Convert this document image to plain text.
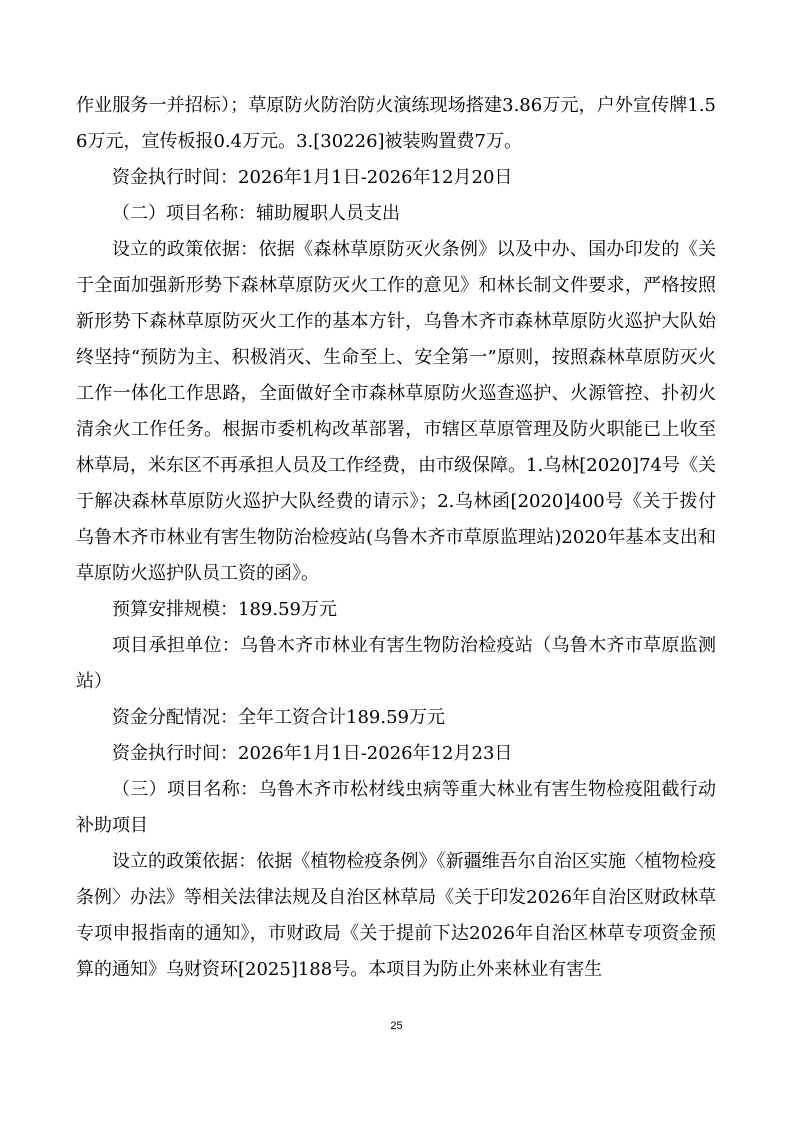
作业服务一并招标）；草原防火防治防火演练现场搭建3.86万元，户外宣传牌1.56万元，宣传板报0.4万元。3.[30226]被装购置费7万。

资金执行时间：2026年1月1日-2026年12月20日

（二）项目名称：辅助履职人员支出

设立的政策依据：依据《森林草原防灭火条例》以及中办、国办印发的《关于全面加强新形势下森林草原防灭火工作的意见》和林长制文件要求，严格按照新形势下森林草原防灭火工作的基本方针，乌鲁木齐市森林草原防火巡护大队始终坚持“预防为主、积极消灭、生命至上、安全第一”原则，按照森林草原防灭火工作一体化工作思路，全面做好全市森林草原防火巡查巡护、火源管控、扑初火清余火工作任务。根据市委机构改革部署，市辖区草原管理及防火职能已上收至林草局，米东区不再承担人员及工作经费，由市级保障。1.乌林[2020]74号《关于解决森林草原防火巡护大队经费的请示》；2.乌林函[2020]400号《关于拨付乌鲁木齐市林业有害生物防治检疫站(乌鲁木齐市草原监理站)2020年基本支出和草原防火巡护队员工资的函》。

预算安排规模：189.59万元

项目承担单位：乌鲁木齐市林业有害生物防治检疫站（乌鲁木齐市草原监测站）

资金分配情况：全年工资合计189.59万元

资金执行时间：2026年1月1日-2026年12月23日

（三）项目名称：乌鲁木齐市松材线虫病等重大林业有害生物检疫阻截行动补助项目

设立的政策依据：依据《植物检疫条例》《新疆维吾尔自治区实施〈植物检疫条例〉办法》等相关法律法规及自治区林草局《关于印发2026年自治区财政林草专项申报指南的通知》，市财政局《关于提前下达2026年自治区林草专项资金预算的通知》乌财资环[2025]188号。本项目为防止外来林业有害生

25
